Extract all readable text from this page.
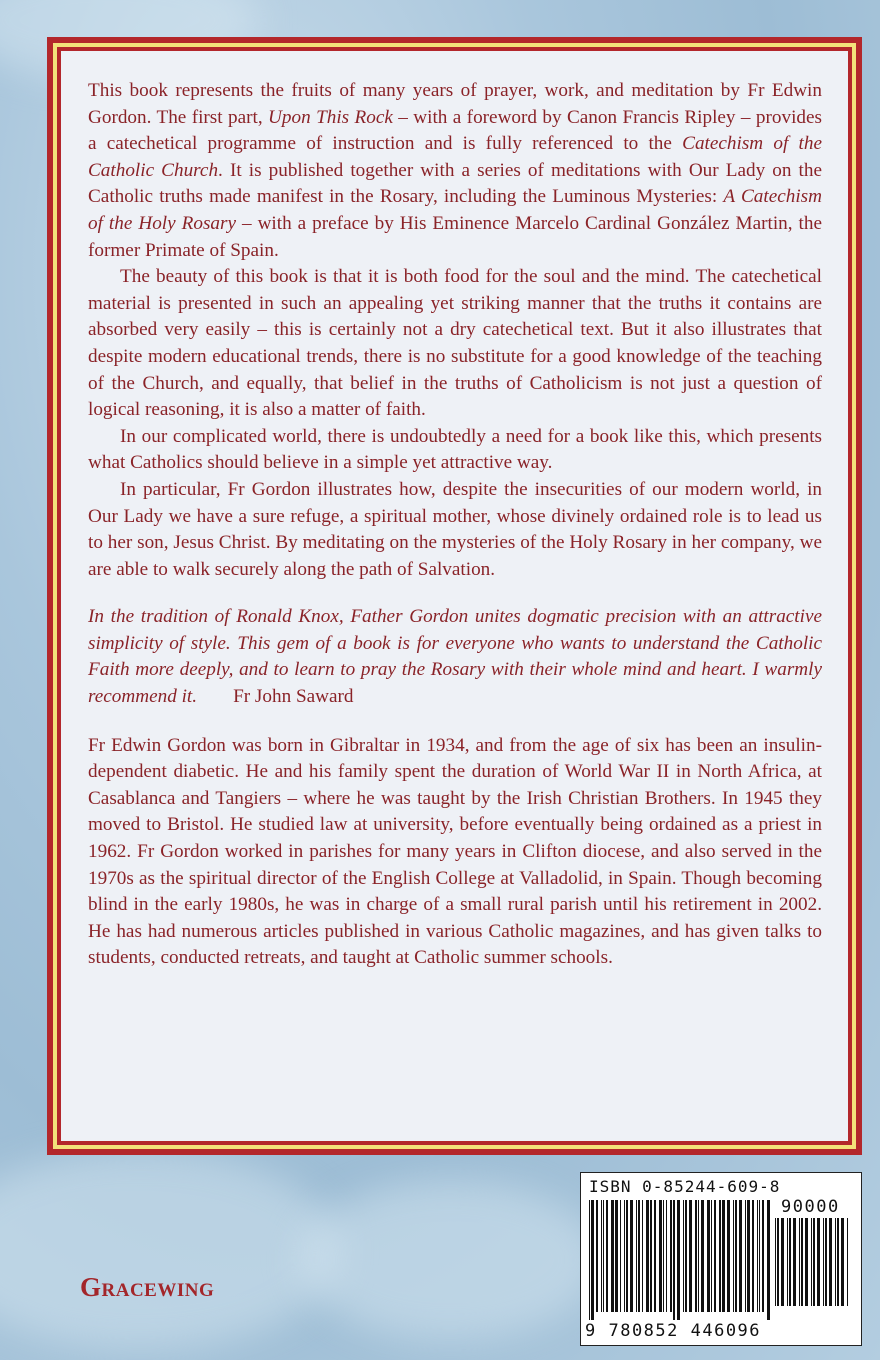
This book represents the fruits of many years of prayer, work, and meditation by Fr Edwin Gordon. The first part, Upon This Rock – with a foreword by Canon Francis Ripley – provides a catechetical programme of instruction and is fully referenced to the Catechism of the Catholic Church. It is published together with a series of meditations with Our Lady on the Catholic truths made manifest in the Rosary, including the Luminous Mysteries: A Catechism of the Holy Rosary – with a preface by His Eminence Marcelo Cardinal González Martin, the former Primate of Spain.

The beauty of this book is that it is both food for the soul and the mind. The catechetical material is presented in such an appealing yet striking manner that the truths it contains are absorbed very easily – this is certainly not a dry catechetical text. But it also illustrates that despite modern educational trends, there is no substitute for a good knowledge of the teaching of the Church, and equally, that belief in the truths of Catholicism is not just a question of logical reasoning, it is also a matter of faith.

In our complicated world, there is undoubtedly a need for a book like this, which presents what Catholics should believe in a simple yet attractive way.

In particular, Fr Gordon illustrates how, despite the insecurities of our modern world, in Our Lady we have a sure refuge, a spiritual mother, whose divinely ordained role is to lead us to her son, Jesus Christ. By meditating on the mysteries of the Holy Rosary in her company, we are able to walk securely along the path of Salvation.

In the tradition of Ronald Knox, Father Gordon unites dogmatic precision with an attractive simplicity of style. This gem of a book is for everyone who wants to understand the Catholic Faith more deeply, and to learn to pray the Rosary with their whole mind and heart. I warmly recommend it. Fr John Saward

Fr Edwin Gordon was born in Gibraltar in 1934, and from the age of six has been an insulin-dependent diabetic. He and his family spent the duration of World War II in North Africa, at Casablanca and Tangiers – where he was taught by the Irish Christian Brothers. In 1945 they moved to Bristol. He studied law at university, before eventually being ordained as a priest in 1962. Fr Gordon worked in parishes for many years in Clifton diocese, and also served in the 1970s as the spiritual director of the English College at Valladolid, in Spain. Though becoming blind in the early 1980s, he was in charge of a small rural parish until his retirement in 2002. He has had numerous articles published in various Catholic magazines, and has given talks to students, conducted retreats, and taught at Catholic summer schools.

Gracewing
ISBN 0-85244-609-8
9 780852 446096
90000
